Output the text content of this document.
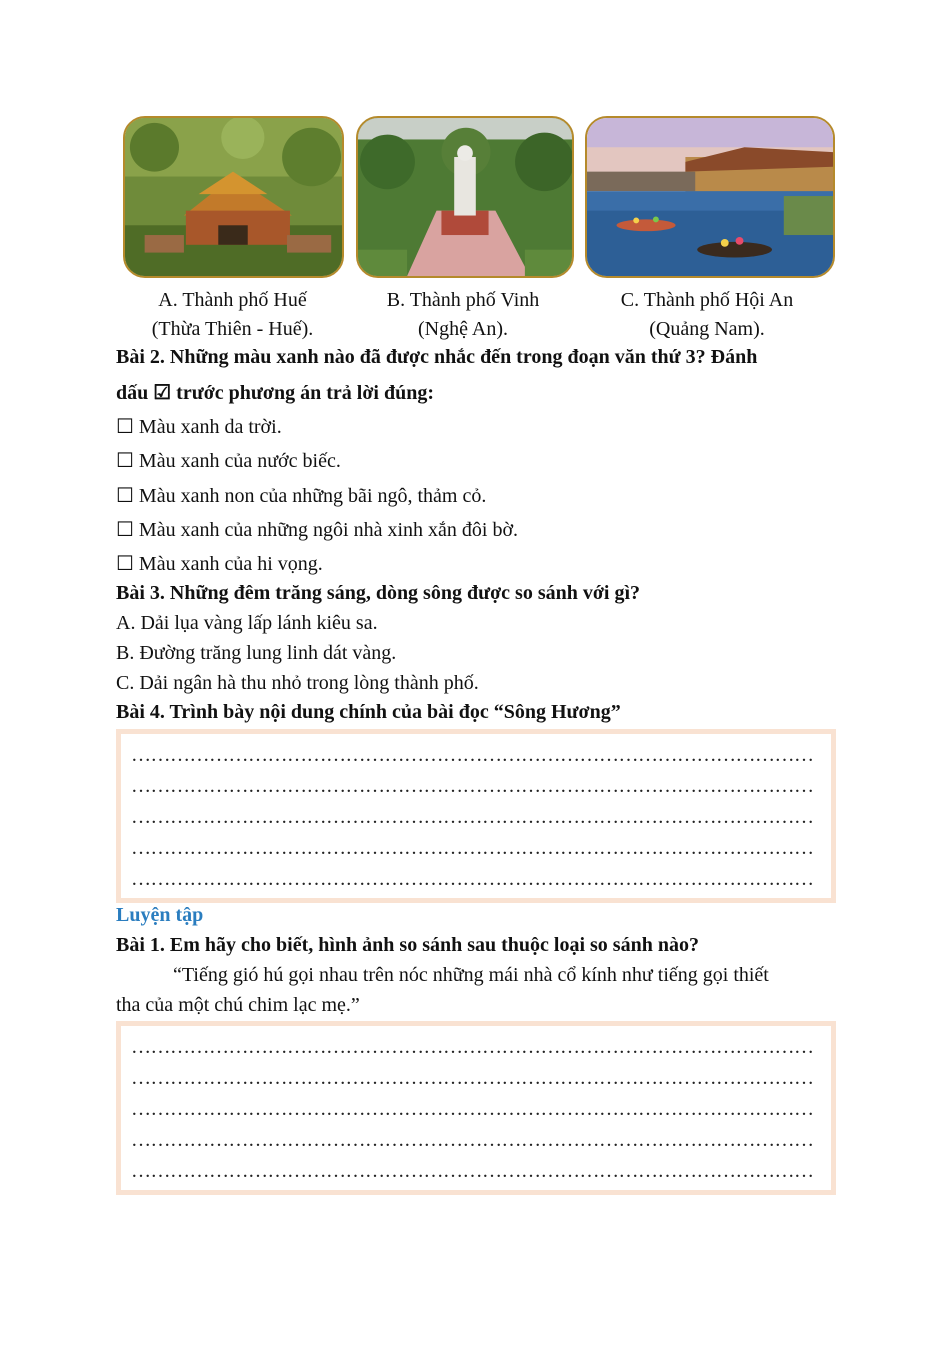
A. Thành phố Huế
(Thừa Thiên - Huế).
B. Thành phố Vinh
(Nghệ An).
C. Thành phố Hội An
(Quảng Nam).
Bài 2. Những màu xanh nào đã được nhắc đến trong đoạn văn thứ 3? Đánh
dấu ☑ trước phương án trả lời đúng:
☐ Màu xanh da trời.
☐ Màu xanh của nước biếc.
☐ Màu xanh non của những bãi ngô, thảm cỏ.
☐ Màu xanh của những ngôi nhà xinh xắn đôi bờ.
☐ Màu xanh của hi vọng.
Bài 3. Những đêm trăng sáng, dòng sông được so sánh với gì?
A. Dải lụa vàng lấp lánh kiêu sa.
B. Đường trăng lung linh dát vàng.
C. Dải ngân hà thu nhỏ trong lòng thành phố.
Bài 4. Trình bày nội dung chính của bài đọc “Sông Hương”
……………………………………………………………………………………………
……………………………………………………………………………………………
……………………………………………………………………………………………
……………………………………………………………………………………………
……………………………………………………………………………………………
Luyện tập
Bài 1. Em hãy cho biết, hình ảnh so sánh sau thuộc loại so sánh nào?
“Tiếng gió hú gọi nhau trên nóc những mái nhà cổ kính như tiếng gọi thiết
tha của một chú chim lạc mẹ.”
……………………………………………………………………………………………
……………………………………………………………………………………………
……………………………………………………………………………………………
……………………………………………………………………………………………
……………………………………………………………………………………………
